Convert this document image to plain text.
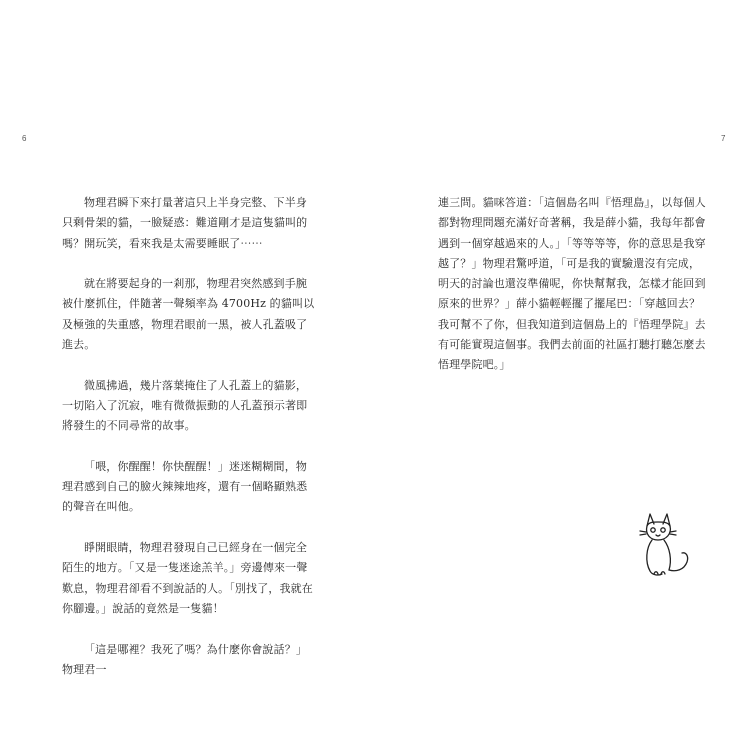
6	7

物理君瞬下來打量著這只上半身完整、下半身只剩骨架的貓，一臉疑惑：難道剛才是這隻貓叫的嗎？開玩笑，看來我是太需要睡眠了⋯⋯

就在將要起身的一剎那，物理君突然感到手腕被什麼抓住，伴隨著一聲頻率為 4700Hz 的貓叫以及極強的失重感，物理君眼前一黑，被人孔蓋吸了進去。

微風拂過，幾片落葉掩住了人孔蓋上的貓影，一切陷入了沉寂，唯有微微振動的人孔蓋預示著即將發生的不同尋常的故事。

「喂，你醒醒！你快醒醒！」迷迷糊糊間，物理君感到自己的臉火辣辣地疼，還有一個略顯熟悉的聲音在叫他。

睜開眼睛，物理君發現自己已經身在一個完全陌生的地方。「又是一隻迷途羔羊。」旁邊傳來一聲歎息，物理君卻看不到說話的人。「別找了，我就在你腳邊。」說話的竟然是一隻貓！

「這是哪裡？我死了嗎？為什麼你會說話？」物理君一

連三問。貓咪答道：「這個島名叫『悟理島』，以每個人都對物理問題充滿好奇著稱，我是薛小貓，我每年都會遇到一個穿越過來的人。」「等等等等，你的意思是我穿越了？」物理君驚呼道，「可是我的實驗還沒有完成，明天的討論也還沒準備呢，你快幫幫我，怎樣才能回到原來的世界？」薛小貓輕輕擺了擺尾巴：「穿越回去？我可幫不了你，但我知道到這個島上的『悟理學院』去有可能實現這個事。我們去前面的社區打聽打聽怎麼去悟理學院吧。」
